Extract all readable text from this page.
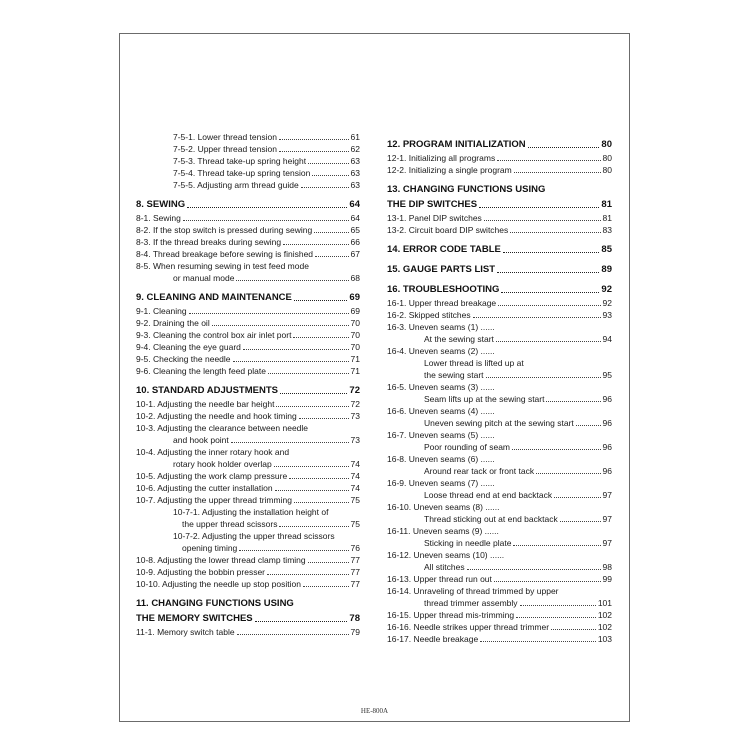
7-5-1. Lower thread tension	61
7-5-2. Upper thread tension	62
7-5-3. Thread take-up spring height	63
7-5-4. Thread take-up spring tension	63
7-5-5. Adjusting arm thread guide	63
8. SEWING	64
8-1. Sewing	64
8-2. If the stop switch is pressed during sewing	65
8-3. If the thread breaks during sewing	66
8-4. Thread breakage before sewing is finished	67
8-5. When resuming sewing in test feed mode
or manual mode	68
9. CLEANING AND MAINTENANCE	69
9-1. Cleaning	69
9-2. Draining the oil	70
9-3. Cleaning the control box air inlet port	70
9-4. Cleaning the eye guard	70
9-5. Checking the needle	71
9-6. Cleaning the length feed plate	71
10. STANDARD ADJUSTMENTS	72
10-1. Adjusting the needle bar height	72
10-2. Adjusting the needle and hook timing	73
10-3. Adjusting the clearance between needle
and hook point	73
10-4. Adjusting the inner rotary hook and
rotary hook holder overlap	74
10-5. Adjusting the work clamp pressure	74
10-6. Adjusting the cutter installation	74
10-7. Adjusting the upper thread trimming	75
10-7-1. Adjusting the installation height of
the upper thread scissors	75
10-7-2. Adjusting the upper thread scissors
opening timing	76
10-8. Adjusting the lower thread clamp timing	77
10-9. Adjusting the bobbin presser	77
10-10. Adjusting the needle up stop position	77
11. CHANGING FUNCTIONS USING
THE MEMORY SWITCHES	78
11-1. Memory switch table	79
12. PROGRAM INITIALIZATION	80
12-1. Initializing all programs	80
12-2. Initializing a single program	80
13. CHANGING FUNCTIONS USING
THE DIP SWITCHES	81
13-1. Panel DIP switches	81
13-2. Circuit board DIP switches	83
14. ERROR CODE TABLE	85
15. GAUGE PARTS LIST	89
16. TROUBLESHOOTING	92
16-1. Upper thread breakage	92
16-2. Skipped stitches	93
16-3. Uneven seams (1) ......
At the sewing start	94
16-4. Uneven seams (2) ......
Lower thread is lifted up at
the sewing start	95
16-5. Uneven seams (3) ......
Seam lifts up at the sewing start	96
16-6. Uneven seams (4) ......
Uneven sewing pitch at the sewing start	96
16-7. Uneven seams (5) ......
Poor rounding of seam	96
16-8. Uneven seams (6) ......
Around rear tack or front tack	96
16-9. Uneven seams (7) ......
Loose thread end at end backtack	97
16-10. Uneven seams (8) ......
Thread sticking out at end backtack	97
16-11. Uneven seams (9) ......
Sticking in needle plate	97
16-12. Uneven seams (10) ......
All stitches	98
16-13. Upper thread run out	99
16-14. Unraveling of thread trimmed by upper
thread trimmer assembly	101
16-15. Upper thread mis-trimming	102
16-16. Needle strikes upper thread trimmer	102
16-17. Needle breakage	103
HE-800A
